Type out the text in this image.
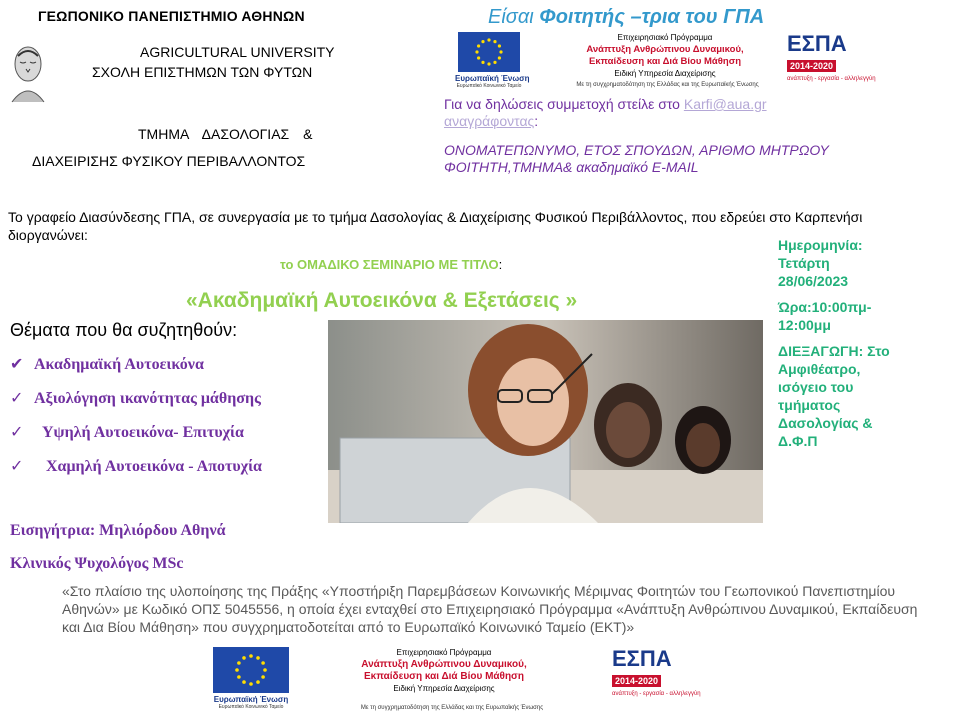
ΓΕΩΠΟΝΙΚΟ ΠΑΝΕΠΙΣΤΗΜΙΟ ΑΘΗΝΩΝ
AGRICULTURAL UNIVERSITY
ΣΧΟΛΗ ΕΠΙΣΤΗΜΩΝ ΤΩΝ ΦΥΤΩΝ
ΤΜΗΜΑ ΔΑΣΟΛΟΓΙΑΣ &
ΔΙΑΧΕΙΡΙΣΗΣ ΦΥΣΙΚΟΥ ΠΕΡΙΒΑΛΛΟΝΤΟΣ
Είσαι Φοιτητής –τρια του ΓΠΑ
Ευρωπαϊκή Ένωση
Ευρωπαϊκό Κοινωνικό Ταμείο
Επιχειρησιακό Πρόγραμμα
Ανάπτυξη Ανθρώπινου Δυναμικού,
Εκπαίδευση και Διά Βίου Μάθηση
Ειδική Υπηρεσία Διαχείρισης
Με τη συγχρηματοδότηση της Ελλάδας και της Ευρωπαϊκής Ένωσης
ΕΣΠΑ
2014-2020
ανάπτυξη - εργασία - αλληλεγγύη
Για να δηλώσεις συμμετοχή στείλε στο Karfi@aua.gr
αναγράφοντας:
ΟΝΟΜΑΤΕΠΩΝΥΜΟ, ΕΤΟΣ ΣΠΟΥΔΩΝ, ΑΡΙΘΜΟ ΜΗΤΡΩΟΥ ΦΟΙΤΗΤΗ,ΤΜΗΜΑ& ακαδημαϊκό E-MAIL
Το γραφείο Διασύνδεσης ΓΠΑ, σε συνεργασία με το τμήμα Δασολογίας & Διαχείρισης Φυσικού Περιβάλλοντος, που εδρεύει στο Καρπενήσι διοργανώνει:
το ΟΜΑΔΙΚΟ ΣΕΜΙΝΑΡΙΟ ΜΕ ΤΙΤΛΟ:
«Ακαδημαϊκή Αυτοεικόνα & Εξετάσεις »
Θέματα που θα συζητηθούν:
✔ Ακαδημαϊκή Αυτοεικόνα
✓ Αξιολόγηση ικανότητας μάθησης
✓ Υψηλή Αυτοεικόνα- Επιτυχία
✓ Χαμηλή Αυτοεικόνα - Αποτυχία
Ημερομηνία:
Τετάρτη
28/06/2023
Ώρα:10:00πμ-
12:00μμ
ΔΙΕΞΑΓΩΓΗ: Στο
Αμφιθέατρο,
ισόγειο του
τμήματος
Δασολογίας &
Δ.Φ.Π
Εισηγήτρια: Μηλιόρδου Αθηνά
Κλινικός Ψυχολόγος MSc
«Στο πλαίσιο της υλοποίησης της Πράξης «Υποστήριξη Παρεμβάσεων Κοινωνικής Μέριμνας Φοιτητών του Γεωπονικού Πανεπιστημίου Αθηνών» με Κωδικό ΟΠΣ 5045556, η οποία έχει ενταχθεί στο Επιχειρησιακό Πρόγραμμα «Ανάπτυξη Ανθρώπινου Δυναμικού, Εκπαίδευση και Δια Βίου Μάθηση» που συγχρηματοδοτείται από το Ευρωπαϊκό Κοινωνικό Ταμείο (ΕΚΤ)»
Ευρωπαϊκή Ένωση
Ευρωπαϊκό Κοινωνικό Ταμείο
Επιχειρησιακό Πρόγραμμα
Ανάπτυξη Ανθρώπινου Δυναμικού,
Εκπαίδευση και Διά Βίου Μάθηση
Ειδική Υπηρεσία Διαχείρισης
Με τη συγχρηματοδότηση της Ελλάδας και της Ευρωπαϊκής Ένωσης
ΕΣΠΑ
2014-2020
ανάπτυξη - εργασία - αλληλεγγύη
